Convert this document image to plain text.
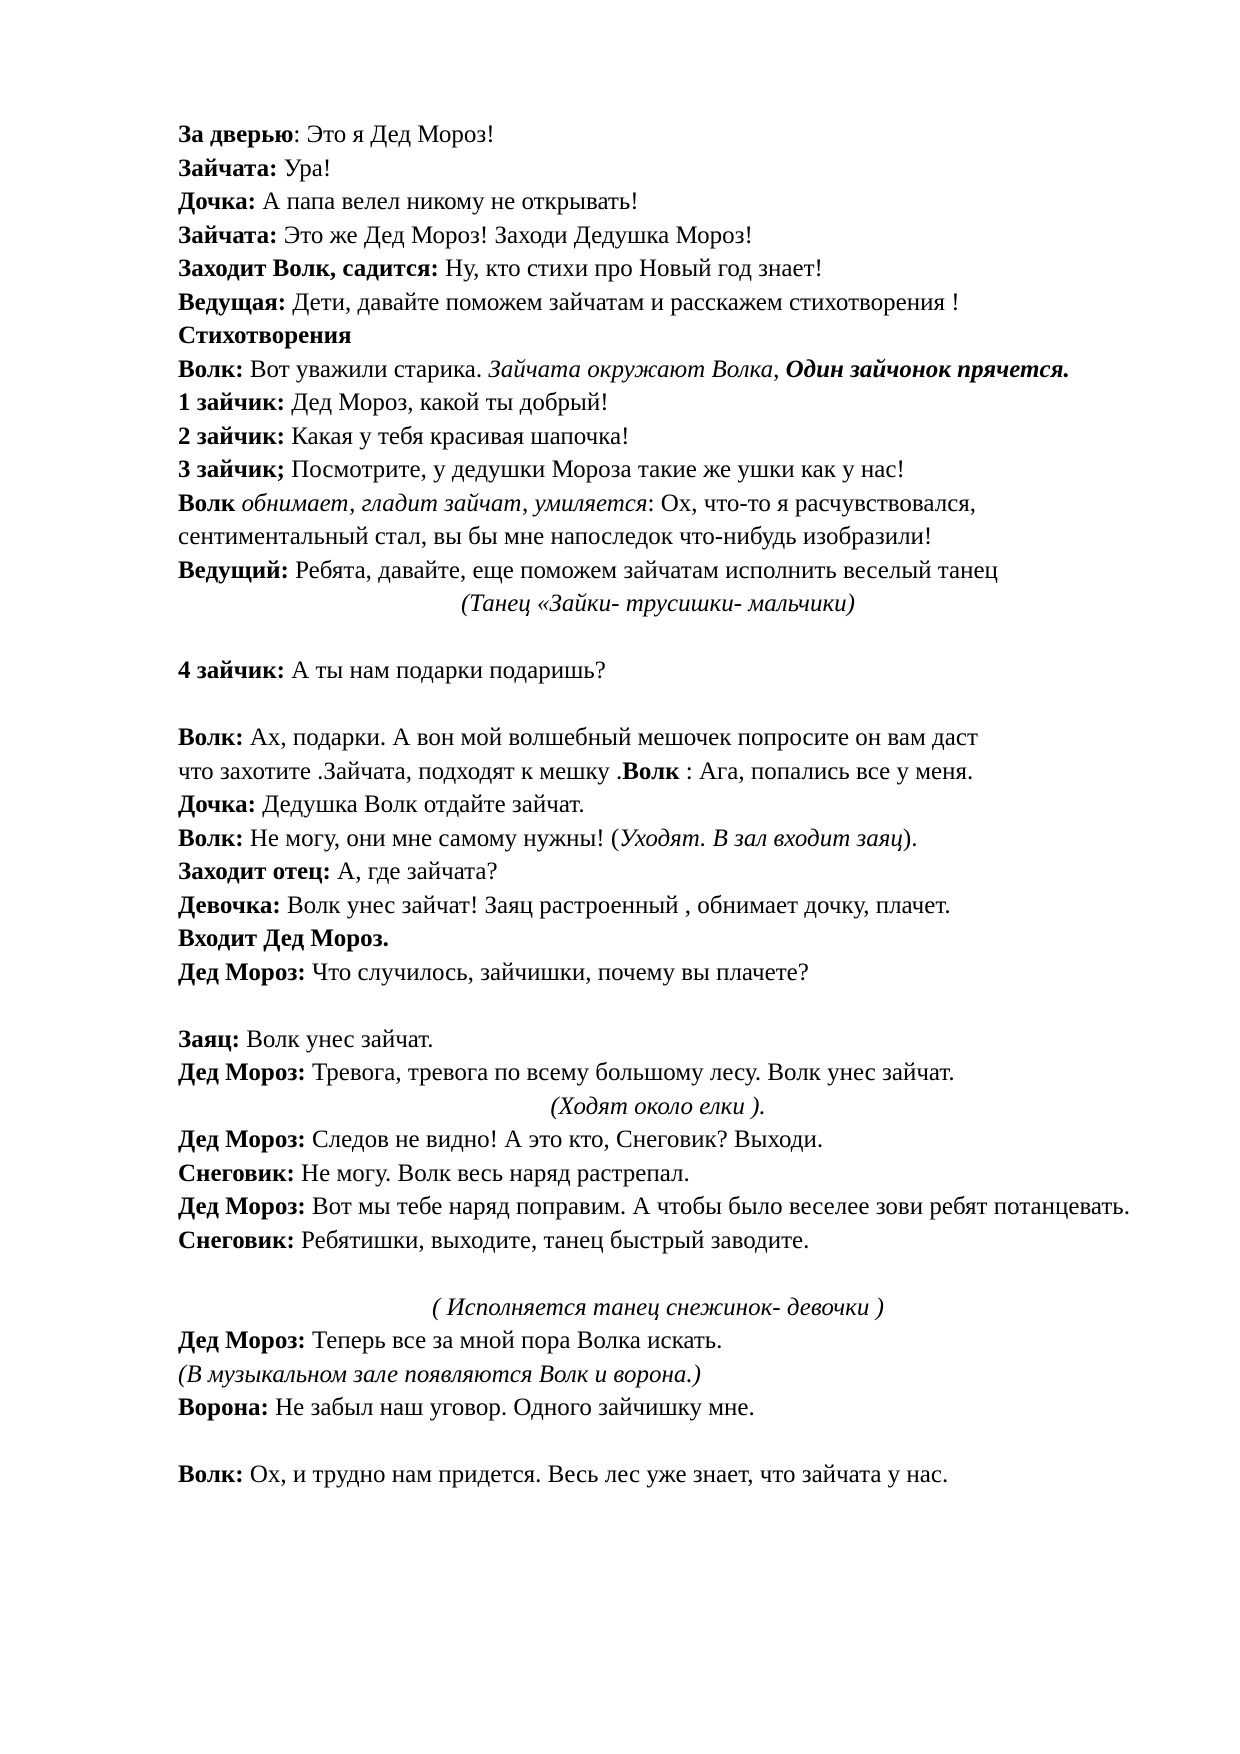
За дверью: Это я Дед Мороз!

Зайчата: Ура!

Дочка: А папа велел никому не открывать!

Зайчата: Это же Дед Мороз! Заходи Дедушка Мороз!

Заходит Волк, садится: Ну, кто стихи про Новый год знает!

Ведущая: Дети, давайте поможем зайчатам и расскажем стихотворения !

Стихотворения

Волк: Вот уважили старика. Зайчата окружают Волка, Один зайчонок прячется.

1 зайчик: Дед Мороз, какой ты добрый!

2 зайчик: Какая у тебя красивая шапочка!

3 зайчик; Посмотрите, у дедушки Мороза такие же ушки как у нас!

Волк обнимает, гладит зайчат, умиляется: Ох, что-то я расчувствовался,

сентиментальный стал, вы бы мне напоследок что-нибудь изобразили!

Ведущий: Ребята, давайте, еще поможем зайчатам исполнить веселый танец

(Танец «Зайки- трусишки- мальчики)

4 зайчик: А ты нам подарки подаришь?

Волк: Ах, подарки. А вон мой волшебный мешочек попросите он вам даст

что захотите .Зайчата, подходят к мешку .Волк : Ага, попались все у меня.

Дочка: Дедушка Волк отдайте зайчат.

Волк: Не могу, они мне самому нужны! (Уходят. В зал входит заяц).

Заходит отец: А, где зайчата?

Девочка: Волк унес зайчат! Заяц растроенный , обнимает дочку, плачет.

Входит Дед Мороз.

Дед Мороз: Что случилось, зайчишки, почему вы плачете?

Заяц: Волк унес зайчат.

Дед Мороз: Тревога, тревога по всему большому лесу. Волк унес зайчат.

(Ходят около елки ).

Дед Мороз: Следов не видно! А это кто, Снеговик? Выходи.

Снеговик: Не могу. Волк весь наряд растрепал.

Дед Мороз: Вот мы тебе наряд поправим. А чтобы было веселее зови ребят потанцевать.

Снеговик: Ребятишки, выходите, танец быстрый заводите.

( Исполняется танец снежинок- девочки )

Дед Мороз: Теперь все за мной пора Волка искать.

(В музыкальном зале появляются Волк и ворона.)

Ворона: Не забыл наш уговор. Одного зайчишку мне.

Волк: Ох, и трудно нам придется. Весь лес уже знает, что зайчата у нас.
